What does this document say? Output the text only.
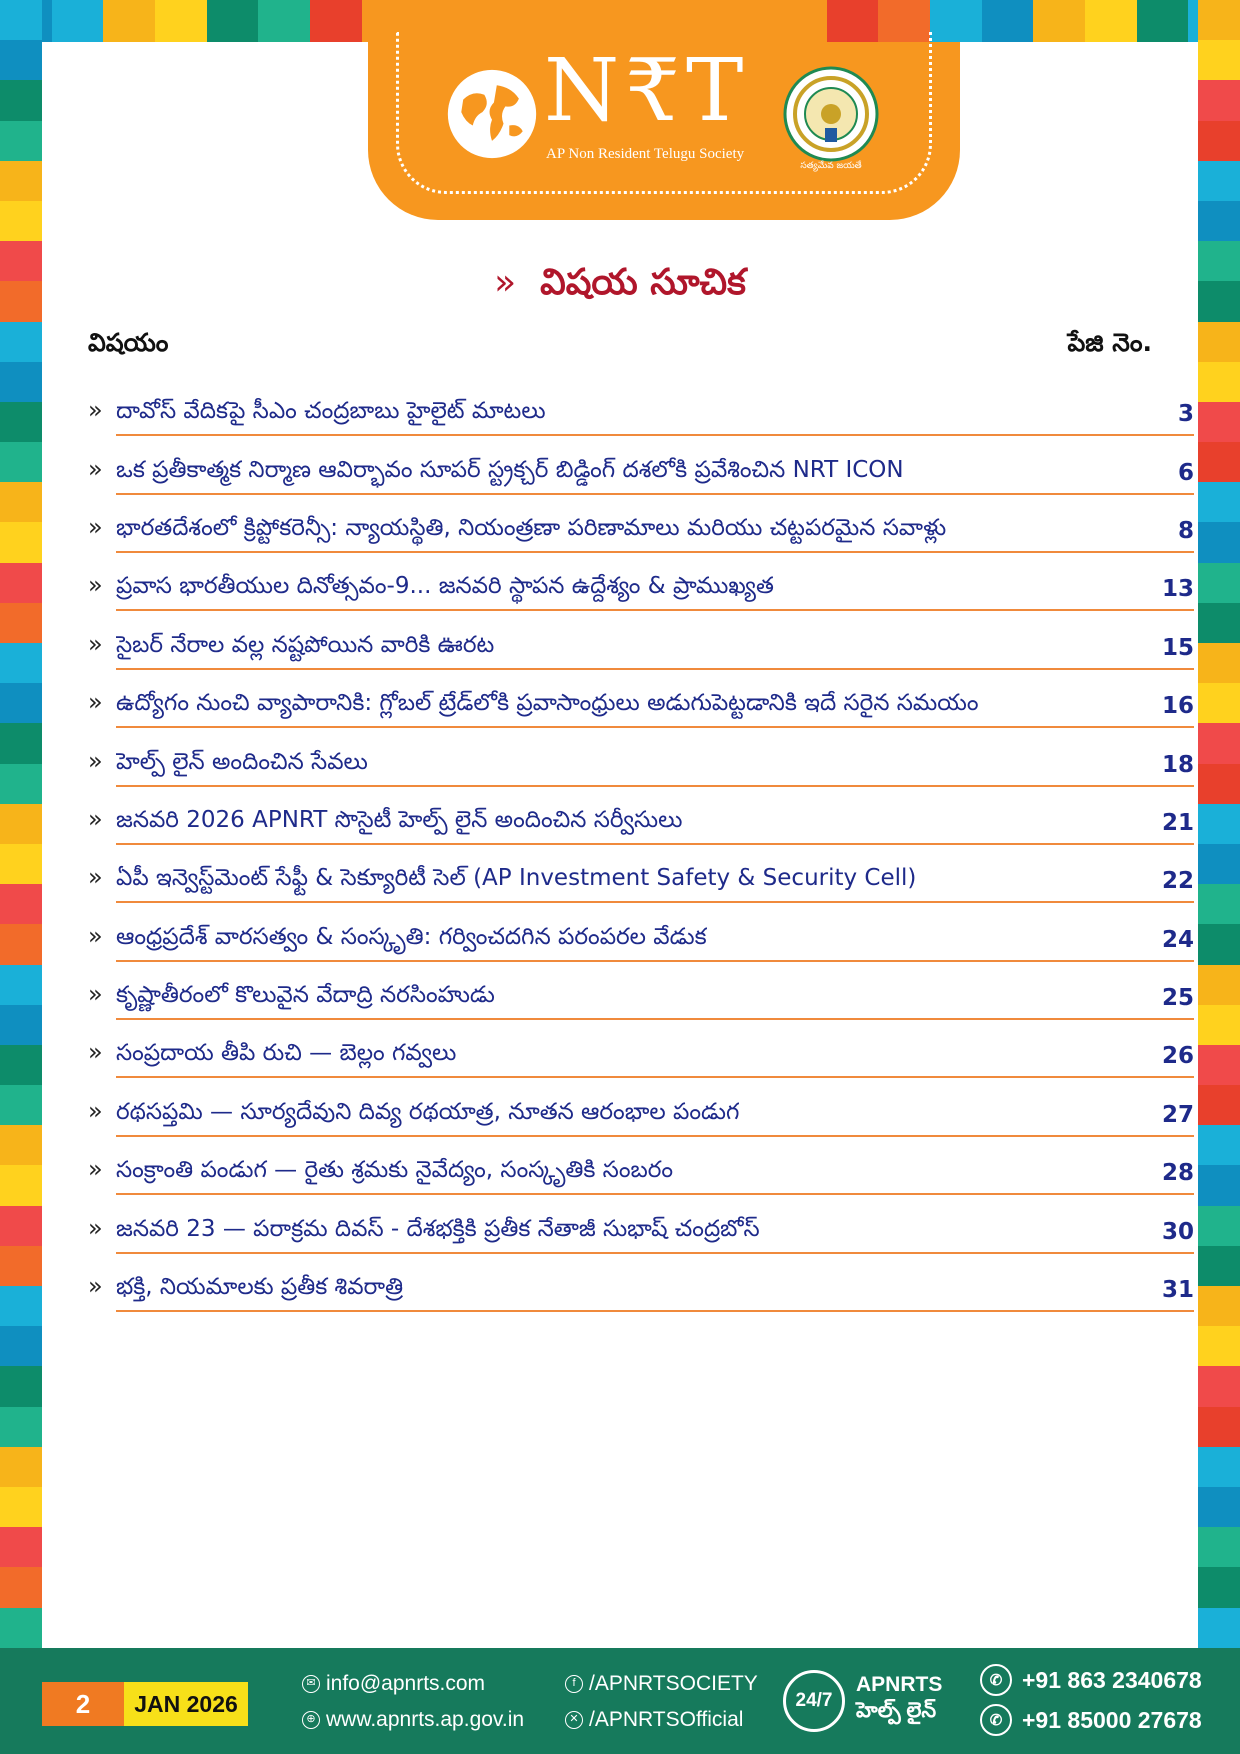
N₹T
AP Non Resident Telugu Society
సత్యమేవ జయతే
» విషయ సూచిక
విషయం	పేజి నెం.
» దావోస్ వేదికపై సీఎం చంద్రబాబు హైలైట్ మాటలు	3
» ఒక ప్రతీకాత్మక నిర్మాణ ఆవిర్భావం సూపర్ స్ట్రక్చర్ బిడ్డింగ్ దశలోకి ప్రవేశించిన NRT ICON	6
» భారతదేశంలో క్రిప్టోకరెన్సీ: న్యాయస్థితి, నియంత్రణా పరిణామాలు మరియు చట్టపరమైన సవాళ్లు	8
» ప్రవాస భారతీయుల దినోత్సవం-9... జనవరి స్థాపన ఉద్దేశ్యం & ప్రాముఖ్యత	13
» సైబర్ నేరాల వల్ల నష్టపోయిన వారికి ఊరట	15
» ఉద్యోగం నుంచి వ్యాపారానికి: గ్లోబల్ ట్రేడ్‌లోకి ప్రవాసాంధ్రులు అడుగుపెట్టడానికి ఇదే సరైన సమయం	16
» హెల్ప్ లైన్ అందించిన సేవలు	18
» జనవరి 2026 APNRT సొసైటీ హెల్ప్ లైన్ అందించిన సర్వీసులు	21
» ఏపీ ఇన్వెస్ట్‌మెంట్ సేఫ్టీ & సెక్యూరిటీ సెల్ (AP Investment Safety & Security Cell)	22
» ఆంధ్రప్రదేశ్ వారసత్వం & సంస్కృతి: గర్వించదగిన పరంపరల వేడుక	24
» కృష్ణాతీరంలో కొలువైన వేదాద్రి నరసింహుడు	25
» సంప్రదాయ తీపి రుచి — బెల్లం గవ్వలు	26
» రథసప్తమి — సూర్యదేవుని దివ్య రథయాత్ర, నూతన ఆరంభాల పండుగ	27
» సంక్రాంతి పండుగ — రైతు శ్రమకు నైవేద్యం, సంస్కృతికి సంబరం	28
» జనవరి 23 — పరాక్రమ దివస్ - దేశభక్తికి ప్రతీక నేతాజీ సుభాష్ చంద్రబోస్	30
» భక్తి, నియమాలకు ప్రతీక శివరాత్రి	31
2	JAN 2026
✉ info@apnrts.com
⊕ www.apnrts.ap.gov.in
f /APNRTSOCIETY
✕ /APNRTSOfficial
24/7
APNRTS
హెల్ప్ లైన్
✆ +91 863 2340678
✆ +91 85000 27678
